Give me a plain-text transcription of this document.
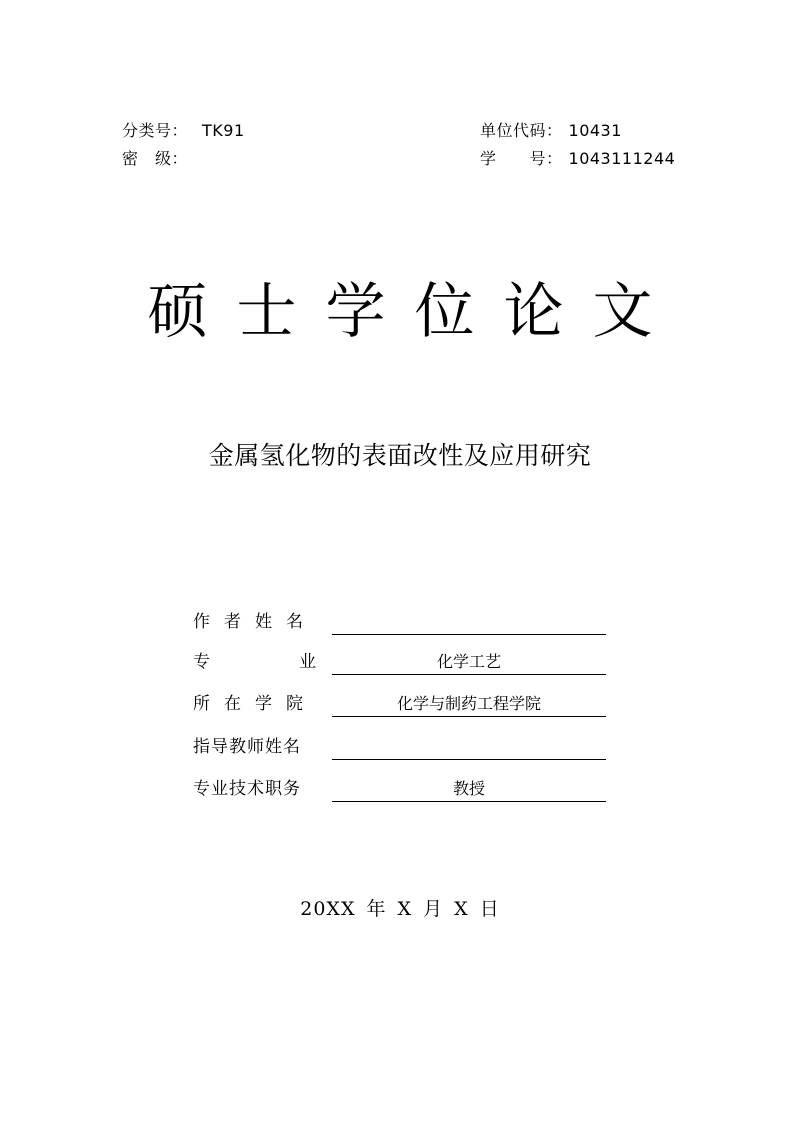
分类号： TK91
密　级：
单位代码： 10431
学　　号： 1043111244
硕士学位论文
金属氢化物的表面改性及应用研究
作者姓名
专业	化学工艺
所在学院	化学与制药工程学院
指导教师姓名
专业技术职务	教授
20XX 年 X 月 X 日
